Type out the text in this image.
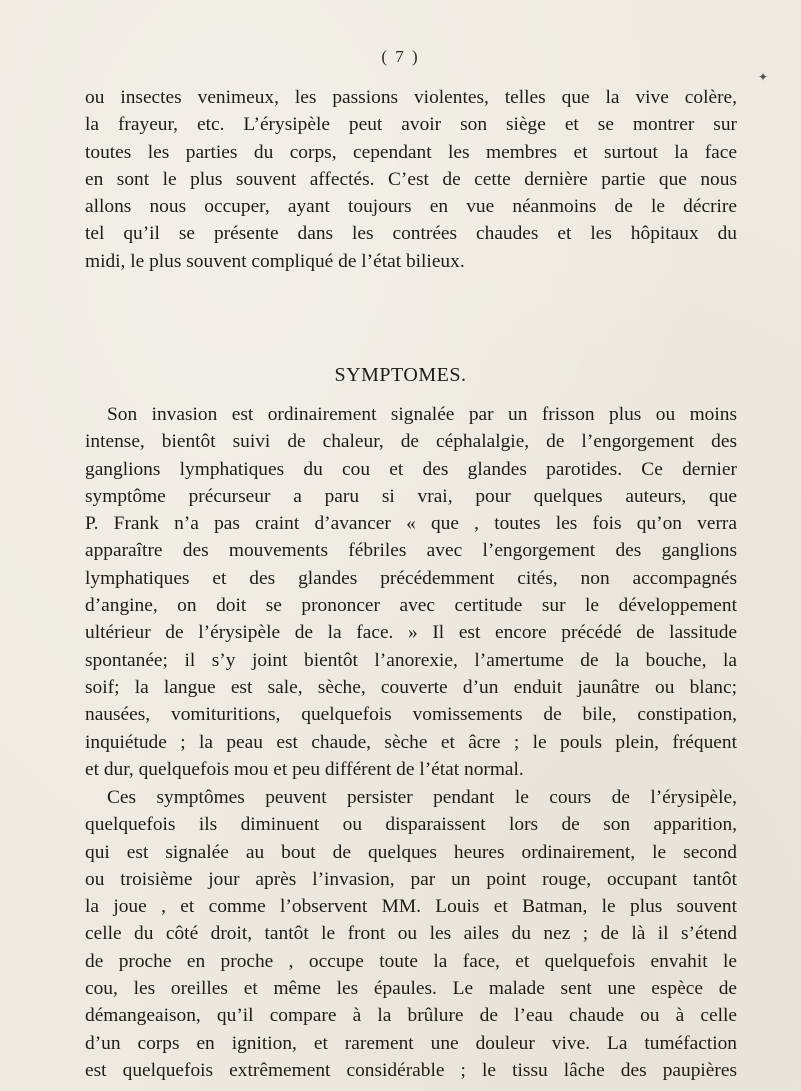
( 7 )
✦
ou insectes venimeux, les passions violentes, telles que la vive colère,
la frayeur, etc. L’érysipèle peut avoir son siège et se montrer sur
toutes les parties du corps, cependant les membres et surtout la face
en sont le plus souvent affectés. C’est de cette dernière partie que nous
allons nous occuper, ayant toujours en vue néanmoins de le décrire
tel qu’il se présente dans les contrées chaudes et les hôpitaux du
midi, le plus souvent compliqué de l’état bilieux.
SYMPTOMES.
Son invasion est ordinairement signalée par un frisson plus ou moins
intense, bientôt suivi de chaleur, de céphalalgie, de l’engorgement des
ganglions lymphatiques du cou et des glandes parotides. Ce dernier
symptôme précurseur a paru si vrai, pour quelques auteurs, que
P. Frank n’a pas craint d’avancer « que , toutes les fois qu’on verra
apparaître des mouvements fébriles avec l’engorgement des ganglions
lymphatiques et des glandes précédemment cités, non accompagnés
d’angine, on doit se prononcer avec certitude sur le développement
ultérieur de l’érysipèle de la face. » Il est encore précédé de lassitude
spontanée; il s’y joint bientôt l’anorexie, l’amertume de la bouche, la
soif; la langue est sale, sèche, couverte d’un enduit jaunâtre ou blanc;
nausées, vomituritions, quelquefois vomissements de bile, constipation,
inquiétude ; la peau est chaude, sèche et âcre ; le pouls plein, fréquent
et dur, quelquefois mou et peu différent de l’état normal.
Ces symptômes peuvent persister pendant le cours de l’érysipèle,
quelquefois ils diminuent ou disparaissent lors de son apparition,
qui est signalée au bout de quelques heures ordinairement, le second
ou troisième jour après l’invasion, par un point rouge, occupant tantôt
la joue , et comme l’observent MM. Louis et Batman, le plus souvent
celle du côté droit, tantôt le front ou les ailes du nez ; de là il s’étend
de proche en proche , occupe toute la face, et quelquefois envahit le
cou, les oreilles et même les épaules. Le malade sent une espèce de
démangeaison, qu’il compare à la brûlure de l’eau chaude ou à celle
d’un corps en ignition, et rarement une douleur vive. La tuméfaction
est quelquefois extrêmement considérable ; le tissu lâche des paupières
